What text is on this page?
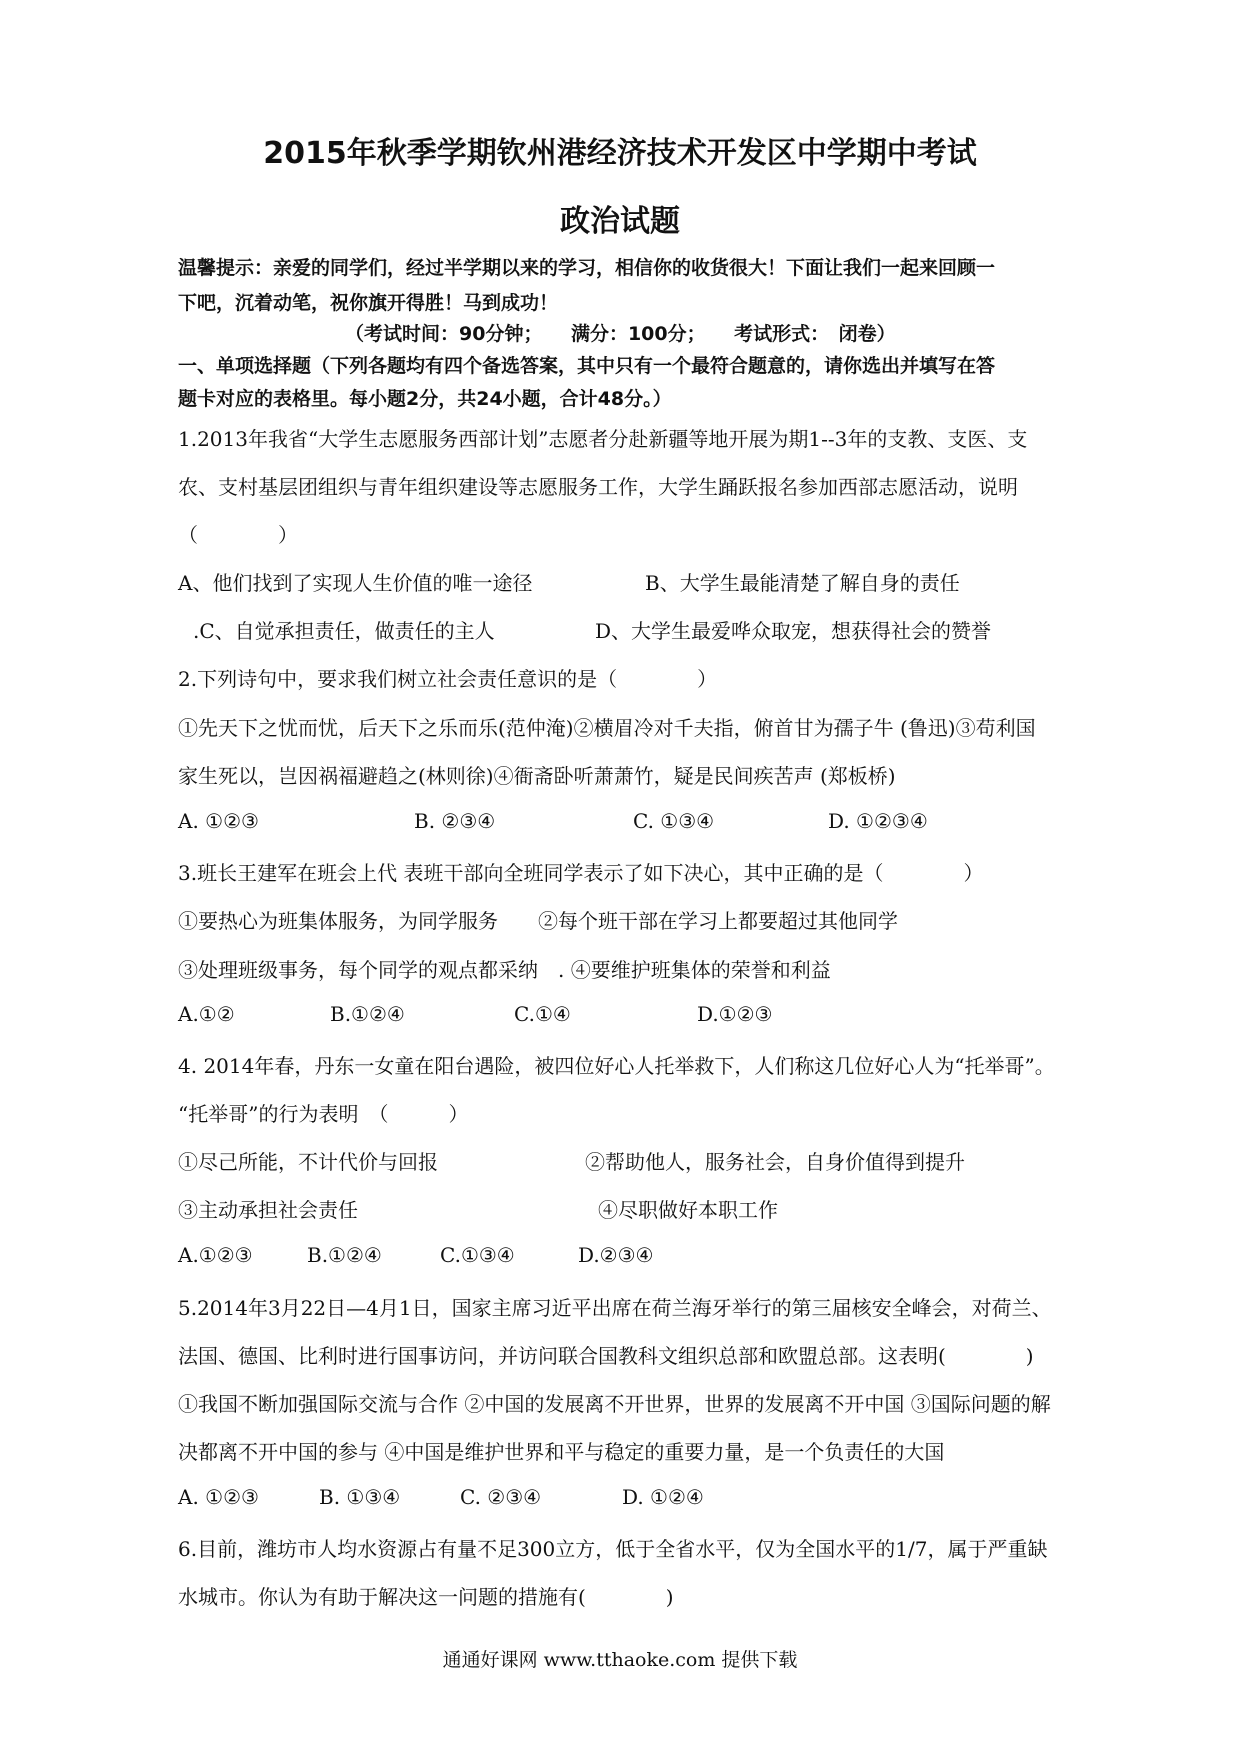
2015年秋季学期钦州港经济技术开发区中学期中考试
政治试题
温馨提示：亲爱的同学们，经过半学期以来的学习，相信你的收货很大！下面让我们一起来回顾一
下吧，沉着动笔，祝你旗开得胜！马到成功！
（考试时间：90分钟；　　满分：100分；　　考试形式：　闭卷）
一、单项选择题（下列各题均有四个备选答案，其中只有一个最符合题意的，请你选出并填写在答
题卡对应的表格里。每小题2分，共24小题，合计48分。）
1.2013年我省“大学生志愿服务西部计划”志愿者分赴新疆等地开展为期1--3年的支教、支医、支
农、支村基层团组织与青年组织建设等志愿服务工作，大学生踊跃报名参加西部志愿活动，说明
（　　　　）
A、他们找到了实现人生价值的唯一途径	B、大学生最能清楚了解自身的责任
.C、自觉承担责任，做责任的主人	D、大学生最爱哗众取宠，想获得社会的赞誉
2.下列诗句中，要求我们树立社会责任意识的是（　　　　）
①先天下之忧而忧，后天下之乐而乐(范仲淹)②横眉冷对千夫指，俯首甘为孺子牛 (鲁迅)③苟利国
家生死以，岂因祸福避趋之(林则徐)④衙斋卧听萧萧竹，疑是民间疾苦声 (郑板桥)
A. ①②③	B. ②③④	C. ①③④	D. ①②③④
3.班长王建军在班会上代 表班干部向全班同学表示了如下决心，其中正确的是（　　　　）
①要热心为班集体服务，为同学服务　　②每个班干部在学习上都要超过其他同学
③处理班级事务，每个同学的观点都采纳　. ④要维护班集体的荣誉和利益
A.①②	B.①②④	C.①④	D.①②③
4. 2014年春，丹东一女童在阳台遇险，被四位好心人托举救下，人们称这几位好心人为“托举哥”。
“托举哥”的行为表明　（　　　）
①尽己所能，不计代价与回报	②帮助他人，服务社会，自身价值得到提升
③主动承担社会责任	④尽职做好本职工作
A.①②③	B.①②④	C.①③④	D.②③④
5.2014年3月22日—4月1日，国家主席习近平出席在荷兰海牙举行的第三届核安全峰会，对荷兰、
法国、德国、比利时进行国事访问，并访问联合国教科文组织总部和欧盟总部。这表明(　　　　)
①我国不断加强国际交流与合作 ②中国的发展离不开世界，世界的发展离不开中国 ③国际问题的解
决都离不开中国的参与 ④中国是维护世界和平与稳定的重要力量，是一个负责任的大国
A. ①②③	B. ①③④	C. ②③④	D. ①②④
6.目前，潍坊市人均水资源占有量不足300立方，低于全省水平，仅为全国水平的1/7，属于严重缺
水城市。你认为有助于解决这一问题的措施有(　　　　)
通通好课网 www.tthaoke.com 提供下载
